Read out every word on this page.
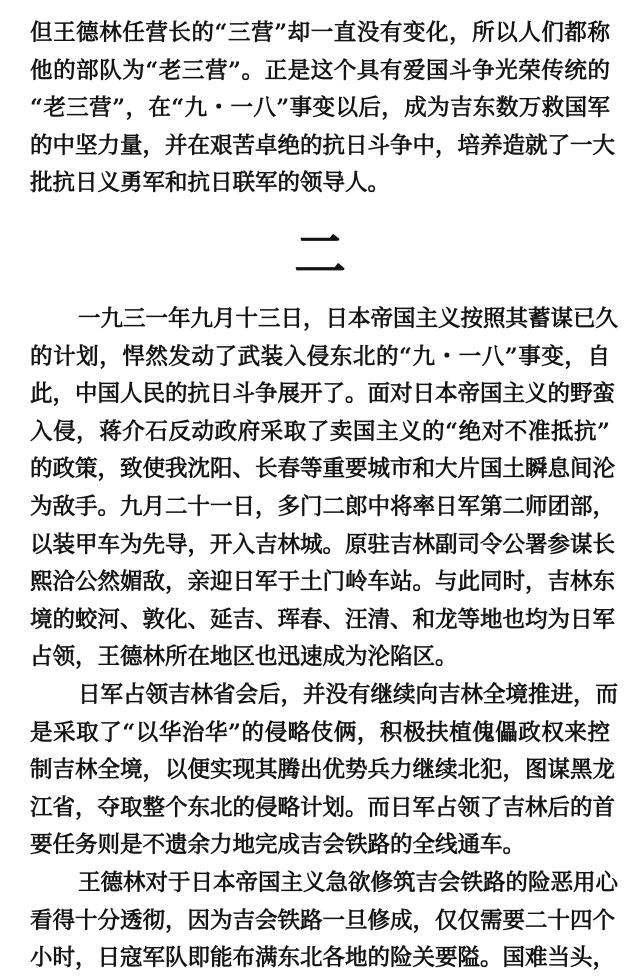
但王德林任营长的“三营”却一直没有变化，所以人们都称
他的部队为“老三营”。正是这个具有爱国斗争光荣传统的
“老三营”，在“九・一八”事变以后，成为吉东数万救国军
的中坚力量，并在艰苦卓绝的抗日斗争中，培养造就了一大
批抗日义勇军和抗日联军的领导人。
二
一九三一年九月十三日，日本帝国主义按照其蓄谋已久
的计划，悍然发动了武装入侵东北的“九・一八”事变，自
此，中国人民的抗日斗争展开了。面对日本帝国主义的野蛮
入侵，蒋介石反动政府采取了卖国主义的“绝对不准抵抗”
的政策，致使我沈阳、长春等重要城市和大片国土瞬息间沦
为敌手。九月二十一日，多门二郎中将率日军第二师团部，
以装甲车为先导，开入吉林城。原驻吉林副司令公署参谋长
熙洽公然媚敌，亲迎日军于土门岭车站。与此同时，吉林东
境的蛟河、敦化、延吉、珲春、汪清、和龙等地也均为日军
占领，王德林所在地区也迅速成为沦陷区。
日军占领吉林省会后，并没有继续向吉林全境推进，而
是采取了“以华治华”的侵略伎俩，积极扶植傀儡政权来控
制吉林全境，以便实现其腾出优势兵力继续北犯，图谋黑龙
江省，夺取整个东北的侵略计划。而日军占领了吉林后的首
要任务则是不遗余力地完成吉会铁路的全线通车。
王德林对于日本帝国主义急欲修筑吉会铁路的险恶用心
看得十分透彻，因为吉会铁路一旦修成，仅仅需要二十四个
小时，日寇军队即能布满东北各地的险关要隘。国难当头，
